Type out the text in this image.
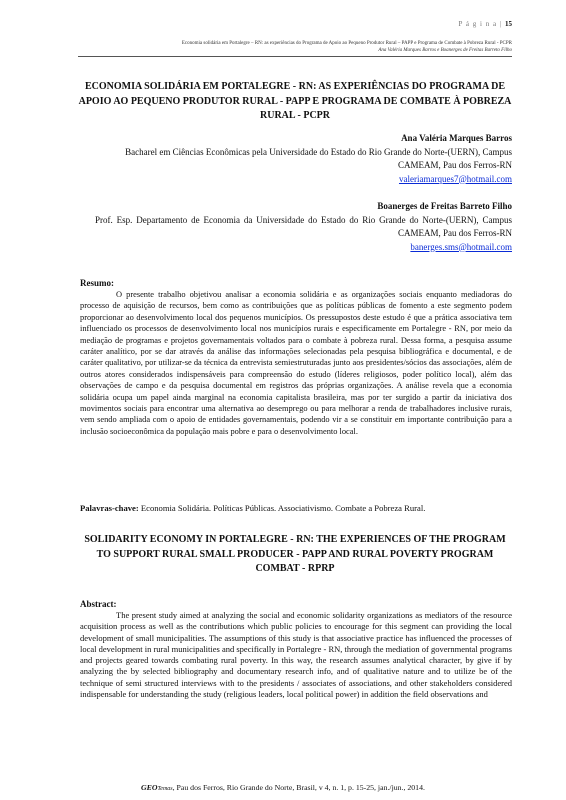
P á g i n a | 15
Economia solidária em Portalegre – RN: as experiências do Programa de Apoio ao Pequeno Produtor Rural – PAPP e Programa de Combate à Pobreza Rural - PCPR
Ana Valéria Marques Barros e Boanerges de Freitas Barreto Filho
ECONOMIA SOLIDÁRIA EM PORTALEGRE - RN: AS EXPERIÊNCIAS DO PROGRAMA DE APOIO AO PEQUENO PRODUTOR RURAL - PAPP E PROGRAMA DE COMBATE À POBREZA RURAL - PCPR
Ana Valéria Marques Barros
Bacharel em Ciências Econômicas pela Universidade do Estado do Rio Grande do Norte-(UERN), Campus CAMEAM, Pau dos Ferros-RN
valeriamarques7@hotmail.com
Boanerges de Freitas Barreto Filho
Prof. Esp. Departamento de Economia da Universidade do Estado do Rio Grande do Norte-(UERN), Campus CAMEAM, Pau dos Ferros-RN
banerges.sms@hotmail.com
Resumo:
O presente trabalho objetivou analisar a economia solidária e as organizações sociais enquanto mediadoras do processo de aquisição de recursos, bem como as contribuições que as políticas públicas de fomento a este segmento podem proporcionar ao desenvolvimento local dos pequenos municípios. Os pressupostos deste estudo é que a prática associativa tem influenciado os processos de desenvolvimento local nos municípios rurais e especificamente em Portalegre - RN, por meio da mediação de programas e projetos governamentais voltados para o combate à pobreza rural. Dessa forma, a pesquisa assume caráter analítico, por se dar através da análise das informações selecionadas pela pesquisa bibliográfica e documental, e de caráter qualitativo, por utilizar-se da técnica da entrevista semiestruturadas junto aos presidentes/sócios das associações, além de outros atores considerados indispensáveis para compreensão do estudo (líderes religiosos, poder político local), além das observações de campo e da pesquisa documental em registros das próprias organizações. A análise revela que a economia solidária ocupa um papel ainda marginal na economia capitalista brasileira, mas por ter surgido a partir da iniciativa dos movimentos sociais para encontrar uma alternativa ao desemprego ou para melhorar a renda de trabalhadores inclusive rurais, vem sendo ampliada com o apoio de entidades governamentais, podendo vir a se constituir em importante contribuição para a inclusão socioeconômica da população mais pobre e para o desenvolvimento local.
Palavras-chave: Economia Solidária. Políticas Públicas. Associativismo. Combate a Pobreza Rural.
SOLIDARITY ECONOMY IN PORTALEGRE - RN: THE EXPERIENCES OF THE PROGRAM TO SUPPORT RURAL SMALL PRODUCER - PAPP AND RURAL POVERTY PROGRAM COMBAT - RPRP
Abstract:
The present study aimed at analyzing the social and economic solidarity organizations as mediators of the resource acquisition process as well as the contributions which public policies to encourage for this segment can providing the local development of small municipalities. The assumptions of this study is that associative practice has influenced the processes of local development in rural municipalities and specifically in Portalegre - RN, through the mediation of governmental programs and projects geared towards combating rural poverty. In this way, the research assumes analytical character, by give if by analyzing the by selected bibliography and documentary research info, and of qualitative nature and to utilize be of the technique of semi structured interviews with to the presidents / associates of associations, and other stakeholders considered indispensable for understanding the study (religious leaders, local political power) in addition the field observations and
GEOTemas, Pau dos Ferros, Rio Grande do Norte, Brasil, v 4, n. 1, p. 15-25, jan./jun., 2014.
